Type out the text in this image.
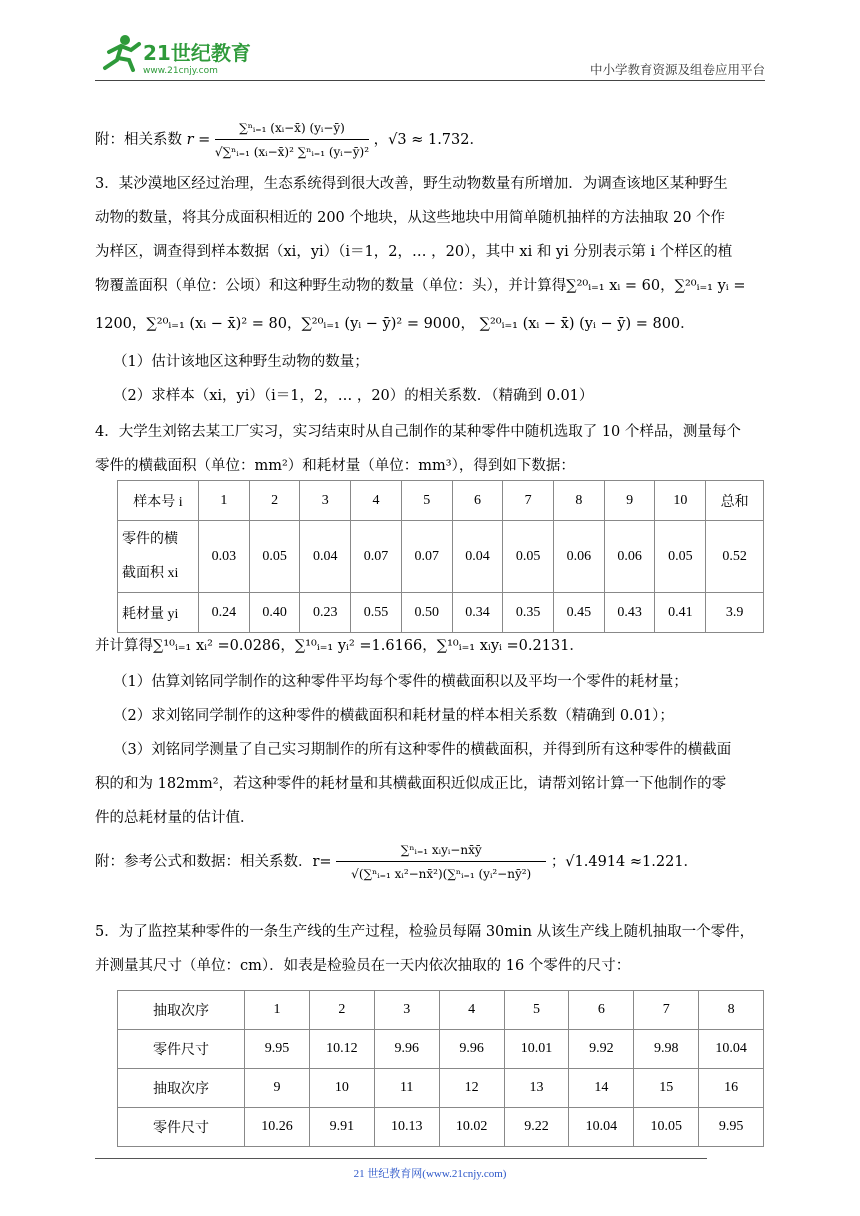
21世纪教育
www.21cnjy.com	中小学教育资源及组卷应用平台
附：相关系数 $r = \frac{\text{∑ⁿᵢ₌₁ (xᵢ−x̄) (yᵢ−ȳ)}}{\text{√∑ⁿᵢ₌₁ (xᵢ−x̄)² ∑ⁿᵢ₌₁ (yᵢ−ȳ)²}}$ ，√3 ≈ 1.732．
3．某沙漠地区经过治理，生态系统得到很大改善，野生动物数量有所增加．为调查该地区某种野生
动物的数量，将其分成面积相近的 200 个地块，从这些地块中用简单随机抽样的方法抽取 20 个作
为样区，调查得到样本数据（xi，yi）（i＝1，2，… ，20），其中 xi 和 yi 分别表示第 i 个样区的植
物覆盖面积（单位：公顷）和这种野生动物的数量（单位：头），并计算得∑²⁰ᵢ₌₁ xᵢ = 60，∑²⁰ᵢ₌₁ yᵢ =
1200，∑²⁰ᵢ₌₁ (xᵢ − x̄)² = 80，∑²⁰ᵢ₌₁ (yᵢ − ȳ)² = 9000， ∑²⁰ᵢ₌₁ (xᵢ − x̄) (yᵢ − ȳ) = 800．
（1）估计该地区这种野生动物的数量；
（2）求样本（xi，yi）（i＝1，2，… ，20）的相关系数．（精确到 0.01）
4．大学生刘铭去某工厂实习，实习结束时从自己制作的某种零件中随机选取了 10 个样品，测量每个
零件的横截面积（单位：mm²）和耗材量（单位：mm³），得到如下数据：
样本号 i	1	2	3	4	5	6	7	8	9	10	总和
零件的横
截面积 xi	0.03	0.05	0.04	0.07	0.07	0.04	0.05	0.06	0.06	0.05	0.52
耗材量 yi	0.24	0.40	0.23	0.55	0.50	0.34	0.35	0.45	0.43	0.41	3.9
并计算得∑¹⁰ᵢ₌₁ xᵢ² =0.0286，∑¹⁰ᵢ₌₁ yᵢ² =1.6166，∑¹⁰ᵢ₌₁ xᵢyᵢ =0.2131．
（1）估算刘铭同学制作的这种零件平均每个零件的横截面积以及平均一个零件的耗材量；
（2）求刘铭同学制作的这种零件的横截面积和耗材量的样本相关系数（精确到 0.01）；
（3）刘铭同学测量了自己实习期制作的所有这种零件的横截面积，并得到所有这种零件的横截面
积的和为 182mm²，若这种零件的耗材量和其横截面积近似成正比，请帮刘铭计算一下他制作的零
件的总耗材量的估计值．
附：参考公式和数据：相关系数．$r= \frac{\text{∑ⁿᵢ₌₁ xᵢyᵢ−nx̄ȳ}}{\text{√(∑ⁿᵢ₌₁ xᵢ²−nx̄²)(∑ⁿᵢ₌₁ (yᵢ²−nȳ²)}}$ ；√1.4914 ≈1.221．
5．为了监控某种零件的一条生产线的生产过程，检验员每隔 30min 从该生产线上随机抽取一个零件，
并测量其尺寸（单位：cm）．如表是检验员在一天内依次抽取的 16 个零件的尺寸：
抽取次序	1	2	3	4	5	6	7	8
零件尺寸	9.95	10.12	9.96	9.96	10.01	9.92	9.98	10.04
抽取次序	9	10	11	12	13	14	15	16
零件尺寸	10.26	9.91	10.13	10.02	9.22	10.04	10.05	9.95
21 世纪教育网(www.21cnjy.com)
